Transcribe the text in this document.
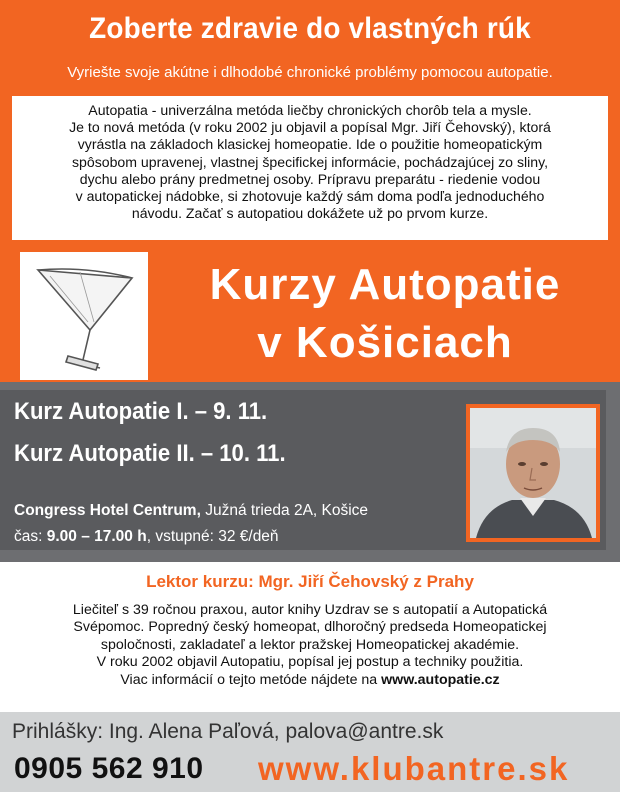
Zoberte zdravie do vlastných rúk
Vyriešte svoje akútne i dlhodobé chronické problémy pomocou autopatie.

Autopatia - univerzálna metóda liečby chronických chorôb tela a mysle.
Je to nová metóda (v roku 2002 ju objavil a popísal Mgr. Jiří Čehovský), ktorá
vyrástla na základoch klasickej homeopatie. Ide o použitie homeopatickým
spôsobom upravenej, vlastnej špecifickej informácie, pochádzajúcej zo sliny,
dychu alebo prány predmetnej osoby. Prípravu preparátu - riedenie vodou
v autopatickej nádobke, si zhotovuje každý sám doma podľa jednoduchého
návodu. Začať s autopatiou dokážete už po prvom kurze.

Kurzy Autopatie
v Košiciach
Kurz Autopatie I. – 9. 11.
Kurz Autopatie II. – 10. 11.
Congress Hotel Centrum, Južná trieda 2A, Košice
čas: 9.00 – 17.00 h, vstupné: 32 €/deň
Lektor kurzu: Mgr. Jiří Čehovský z Prahy
Liečiteľ s 39 ročnou praxou, autor knihy Uzdrav se s autopatií a Autopatická
Svépomoc. Popredný český homeopat, dlhoročný predseda Homeopatickej
spoločnosti, zakladateľ a lektor pražskej Homeopatickej akadémie.
V roku 2002 objavil Autopatiu, popísal jej postup a techniky použitia.
Viac informácií o tejto metóde nájdete na www.autopatie.cz
Prihlášky: Ing. Alena Paľová, palova@antre.sk
0905 562 910 www.klubantre.sk
